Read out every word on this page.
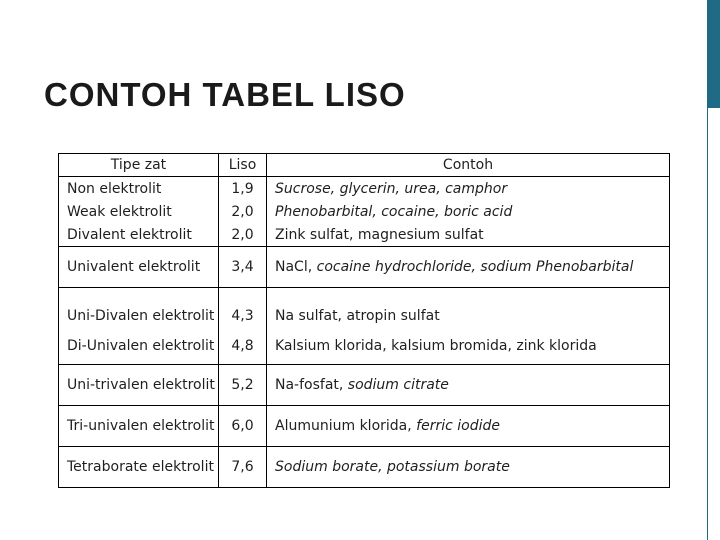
CONTOH TABEL LISO
Tipe zat	Liso	Contoh
Non elektrolit	1,9	Sucrose, glycerin, urea, camphor
Weak elektrolit	2,0	Phenobarbital, cocaine, boric acid
Divalent elektrolit	2,0	Zink sulfat, magnesium sulfat
Univalent elektrolit	3,4	NaCl, cocaine hydrochloride, sodium Phenobarbital
Uni-Divalen elektrolit	4,3	Na sulfat, atropin sulfat
Di-Univalen elektrolit	4,8	Kalsium klorida, kalsium bromida, zink klorida
Uni-trivalen elektrolit	5,2	Na-fosfat, sodium citrate
Tri-univalen elektrolit	6,0	Alumunium klorida, ferric iodide
Tetraborate elektrolit	7,6	Sodium borate, potassium borate
